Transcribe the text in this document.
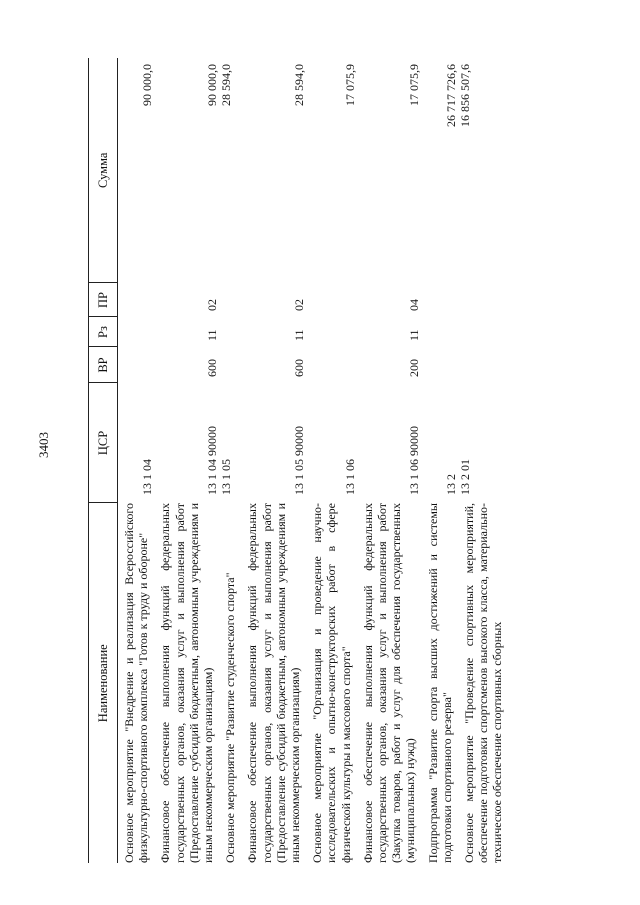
3403
Наименование	ЦСР	ВР	Рз	ПР	Сумма
Основное мероприятие "Внедрение и реализация Всероссийского физкультурно-спортивного комплекса "Готов к труду и обороне"	13 1 04				90 000,0
Финансовое обеспечение выполнения функций федеральных государственных органов, оказания услуг и выполнения работ (Предоставление субсидий бюджетным, автономным учреждениям и иным некоммерческим организациям)	13 1 04 90000	600	11	02	90 000,0
Основное мероприятие "Развитие студенческого спорта"	13 1 05				28 594,0
Финансовое обеспечение выполнения функций федеральных государственных органов, оказания услуг и выполнения работ (Предоставление субсидий бюджетным, автономным учреждениям и иным некоммерческим организациям)	13 1 05 90000	600	11	02	28 594,0
Основное мероприятие "Организация и проведение научно-исследовательских и опытно-конструкторских работ в сфере физической культуры и массового спорта"	13 1 06				17 075,9
Финансовое обеспечение выполнения функций федеральных государственных органов, оказания услуг и выполнения работ (Закупка товаров, работ и услуг для обеспечения государственных (муниципальных) нужд)	13 1 06 90000	200	11	04	17 075,9
Подпрограмма "Развитие спорта высших достижений и системы подготовки спортивного резерва"	13 2				26 717 726,6
Основное мероприятие "Проведение спортивных мероприятий, обеспечение подготовки спортсменов высокого класса, материально-техническое обеспечение спортивных сборных	13 2 01				16 856 507,6
